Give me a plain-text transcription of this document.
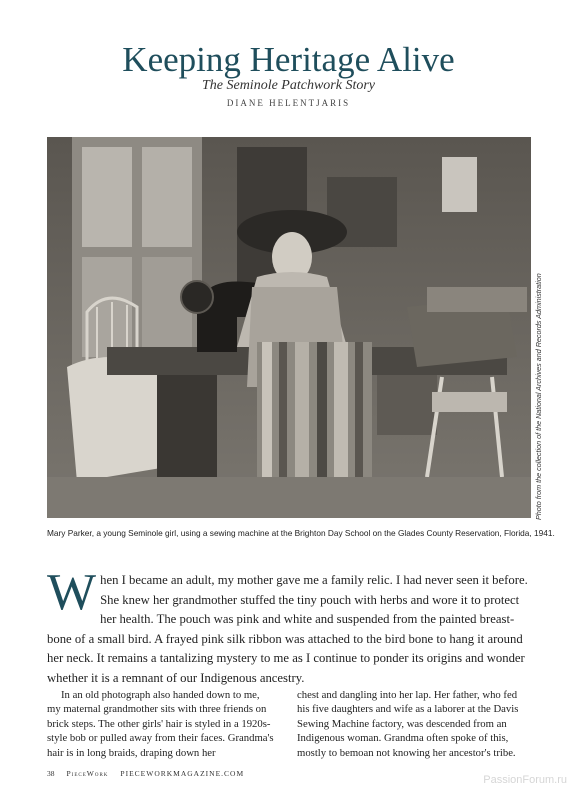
Keeping Heritage Alive
The Seminole Patchwork Story
DIANE HELENTJARIS
Photo from the collection of the National Archives and Records Administration
Mary Parker, a young Seminole girl, using a sewing machine at the Brighton Day School on the Glades County Reservation, Florida, 1941.
When I became an adult, my mother gave me a family relic. I had never seen it before. She knew her grandmother stuffed the tiny pouch with herbs and wore it to protect her health. The pouch was pink and white and suspended from the painted breast-bone of a small bird. A frayed pink silk ribbon was attached to the bird bone to hang it around her neck. It remains a tantalizing mystery to me as I continue to ponder its origins and wonder whether it is a remnant of our Indigenous ancestry.

In an old photograph also handed down to me, my maternal grandmother sits with three friends on brick steps. The other girls' hair is styled in a 1920s-style bob or pulled away from their faces. Grandma's hair is in long braids, draping down her

chest and dangling into her lap. Her father, who fed his five daughters and wife as a laborer at the Davis Sewing Machine factory, was descended from an Indigenous woman. Grandma often spoke of this, mostly to bemoan not knowing her ancestor's tribe.

38 PieceWork PIECEWORKMAGAZINE.COM
PassionForum.ru
